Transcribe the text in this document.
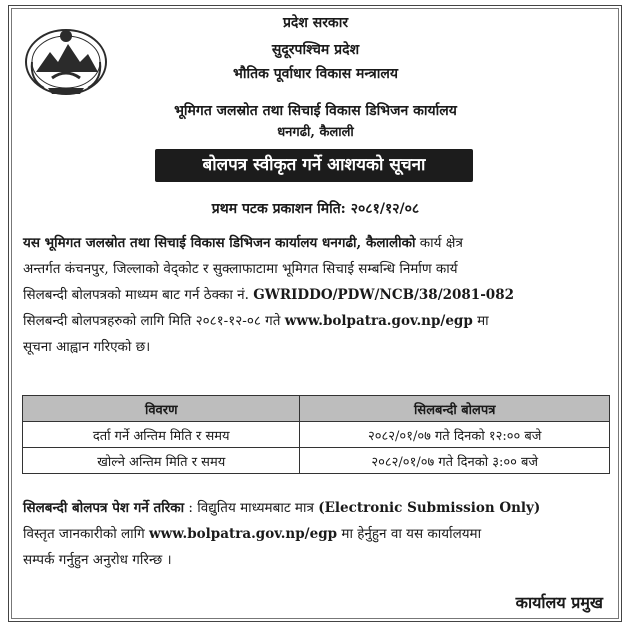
प्रदेश सरकार
सुदूरपश्चिम प्रदेश
भौतिक पूर्वाधार विकास मन्त्रालय
भूमिगत जलस्रोत तथा सिचाई विकास डिभिजन कार्यालय
धनगढी, कैलाली
बोलपत्र स्वीकृत गर्ने आशयको सूचना
प्रथम पटक प्रकाशन मिति: २०८१/१२/०८
यस भूमिगत जलस्रोत तथा सिचाई विकास डिभिजन कार्यालय धनगढी, कैलालीको कार्य क्षेत्र
अन्तर्गत कंचनपुर, जिल्लाको वेद्कोट र सुक्लाफाटामा भूमिगत सिचाई सम्बन्धि निर्माण कार्य
सिलबन्दी बोलपत्रको माध्यम बाट गर्न ठेक्का नं. GWRIDDO/PDW/NCB/38/2081-082
सिलबन्दी बोलपत्रहरुको लागि मिति २०८१-१२-०८ गते www.bolpatra.gov.np/egp मा
सूचना आह्वान गरिएको छ।
विवरण	सिलबन्दी बोलपत्र
दर्ता गर्ने अन्तिम मिति र समय	२०८२/०१/०७ गते दिनको १२:०० बजे
खोल्ने अन्तिम मिति र समय	२०८२/०१/०७ गते दिनको ३:०० बजे
सिलबन्दी बोलपत्र पेश गर्ने तरिका : विद्युतिय माध्यमबाट मात्र (Electronic Submission Only)
विस्तृत जानकारीको लागि www.bolpatra.gov.np/egp मा हेर्नुहुन वा यस कार्यालयमा
सम्पर्क गर्नुहुन अनुरोध गरिन्छ ।
कार्यालय प्रमुख
